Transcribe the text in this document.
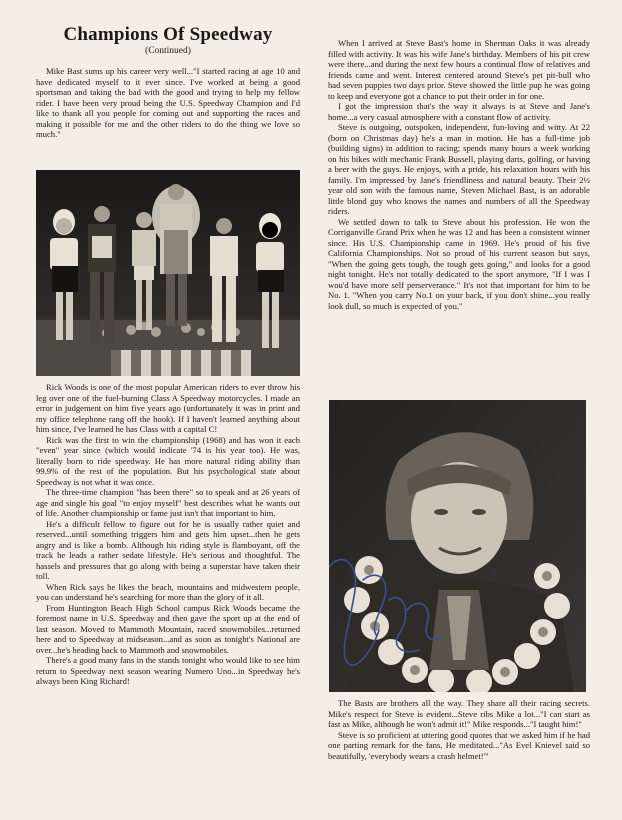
Champions Of Speedway
(Continued)

Mike Bast sums up his career very well..."I started racing at age 10 and have dedicated myself to it ever since. I've worked at being a good sportsman and taking the bad with the good and trying to help my fellow rider. I have been very proud being the U.S. Speedway Champion and I'd like to thank all you people for coming out and supporting the races and making it possible for me and the other riders to do the thing we love so much."

Rick Woods is one of the most popular American riders to ever throw his leg over one of the fuel-burning Class A Speedway motorcycles. I made an error in judgement on him five years ago (unfortunately it was in print and my office telephone rang off the hook). If I haven't learned anything about him since, I've learned he has Class with a capital C!

Rick was the first to win the championship (1968) and has won it each "even" year since (which would indicate '74 is his year too). He was, literally born to ride speedway. He has more natural riding ability than 99.9% of the rest of the population. But his psychological state about Speedway is not what it was once.

The three-time champion "has been there" so to speak and at 26 years of age and single his goal "to enjoy myself" best describes what he wants out of life. Another championship or fame just isn't that important to him.

He's a difficult fellow to figure out for he is usually rather quiet and reserved...until something triggers him and gets him upset...then he gets angry and is like a bomb. Although his riding style is flamboyant, off the track he leads a rather sedate lifestyle. He's serious and thoughtful. The hassels and pressures that go along with being a superstar have taken their toll.

When Rick says he likes the beach, mountains and midwestern people, you can understand he's searching for more than the glory of it all.

From Huntington Beach High School campus Rick Woods became the foremost name in U.S. Speedway and then gave the sport up at the end of last season. Moved to Mammoth Mountain, raced snowmobiles...returned here and to Speedway at midseason...and as soon as tonight's National are over...he's heading back to Mammoth and snowmobiles.

There's a good many fans in the stands tonight who would like to see him return to Speedway next season wearing Numero Uno...in Speedway he's always been King Richard!

When I arrived at Steve Bast's home in Sherman Oaks it was already filled with activity. It was his wife Jane's birthday. Members of his pit crew were there...and during the next few hours a continual flow of relatives and friends came and went. Interest centered around Steve's pet pit-bull who had seven puppies two days prior. Steve showed the little pup he was going to keep and everyone got a chance to put their order in for one.

I got the impression that's the way it always is at Steve and Jane's home...a very casual atmosphere with a constant flow of activity.

Steve is outgoing, outspoken, independent, fun-loving and witty. At 22 (born on Christmas day) he's a man in motion. He has a full-time job (building signs) in addition to racing; spends many hours a week working on his bikes with mechanic Frank Bussell, playing darts, golfing, or having a beer with the guys. He enjoys, with a pride, his relaxation hours with his family. I'm impressed by Jane's friendliness and natural beauty. Their 2½ year old son with the famous name, Steven Michael Bast, is an adorable little blond guy who knows the names and numbers of all the Speedway riders.

We settled down to talk to Steve about his profession. He won the Corriganville Grand Prix when he was 12 and has been a consistent winner since. His U.S. Championship came in 1969. He's proud of his five California Championships. Not so proud of his current season but says, "When the going gets tough, the tough gets going," and looks for a good night tonight. He's not totally dedicated to the sport anymore, "If I was I wou'd have more self perserverance." It's not that important for him to be No. 1. "When you carry No.1 on your back, if you don't shine...you really look dull, so much is expected of you."

The Basts are brothers all the way. They share all their racing secrets. Mike's respect for Steve is evident...Steve ribs Mike a lot..."I can start as fast as Mike, although he won't admit it!" Mike responds..."I taught him!"

Steve is so proficient at uttering good quotes that we asked him if he had one parting remark for the fans. He meditated..."As Evel Knievel said so beautifully, 'everybody wears a crash helmet!'"
